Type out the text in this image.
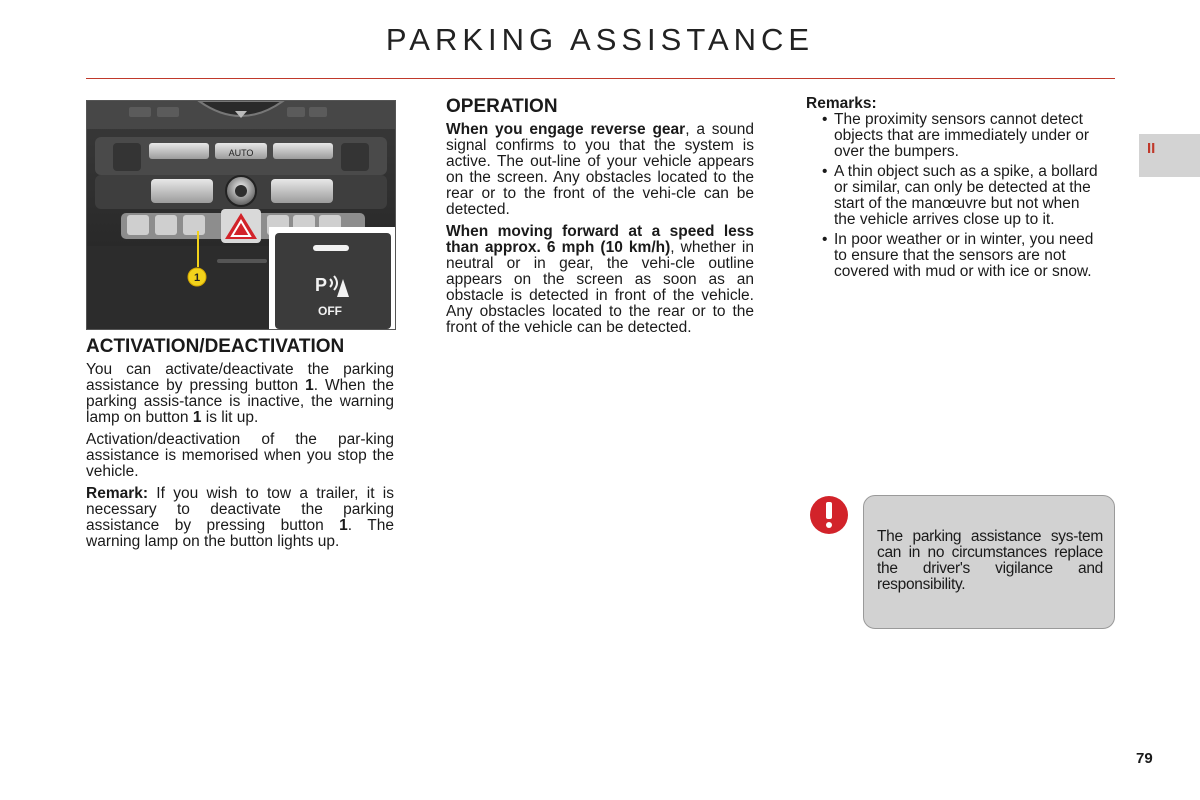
PARKING ASSISTANCE
II
AUTO
1	P
OFF
ACTIVATION/DEACTIVATION

You can activate/deactivate the parking assistance by pressing button 1. When the parking assis-tance is inactive, the warning lamp on button 1 is lit up.

Activation/deactivation of the par-king assistance is memorised when you stop the vehicle.

Remark: If you wish to tow a trailer, it is necessary to deactivate the parking assistance by pressing button 1. The warning lamp on the button lights up.

OPERATION

When you engage reverse gear, a sound signal confirms to you that the system is active. The out-line of your vehicle appears on the screen. Any obstacles located to the rear or to the front of the vehi-cle can be detected.

When moving forward at a speed less than approx. 6 mph (10 km/h), whether in neutral or in gear, the vehi-cle outline appears on the screen as soon as an obstacle is detected in front of the vehicle. Any obstacles located to the rear or to the front of the vehicle can be detected.

Remarks:
• The proximity sensors cannot detect objects that are immediately under or over the bumpers.
• A thin object such as a spike, a bollard or similar, can only be detected at the start of the manœuvre but not when the vehicle arrives close up to it.
• In poor weather or in winter, you need to ensure that the sensors are not covered with mud or with ice or snow.
The parking assistance sys-tem can in no circumstances replace the driver's vigilance and responsibility.
79
